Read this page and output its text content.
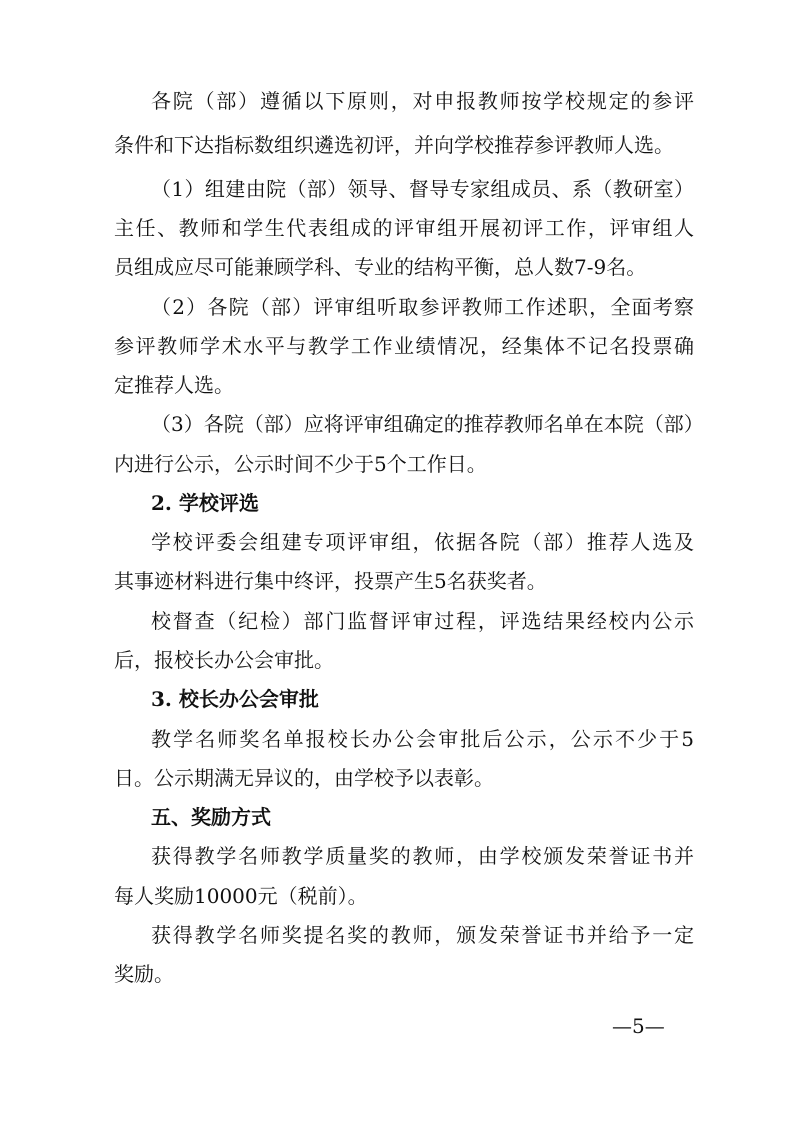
各院（部）遵循以下原则，对申报教师按学校规定的参评
条件和下达指标数组织遴选初评，并向学校推荐参评教师人选。
（1）组建由院（部）领导、督导专家组成员、系（教研室）
主任、教师和学生代表组成的评审组开展初评工作，评审组人
员组成应尽可能兼顾学科、专业的结构平衡，总人数7-9名。
（2）各院（部）评审组听取参评教师工作述职，全面考察
参评教师学术水平与教学工作业绩情况，经集体不记名投票确
定推荐人选。
（3）各院（部）应将评审组确定的推荐教师名单在本院（部）
内进行公示，公示时间不少于5个工作日。
2. 学校评选
学校评委会组建专项评审组，依据各院（部）推荐人选及
其事迹材料进行集中终评，投票产生5名获奖者。
校督查（纪检）部门监督评审过程，评选结果经校内公示
后，报校长办公会审批。
3. 校长办公会审批
教学名师奖名单报校长办公会审批后公示，公示不少于5
日。公示期满无异议的，由学校予以表彰。
五、奖励方式
获得教学名师教学质量奖的教师，由学校颁发荣誉证书并
每人奖励10000元（税前）。
获得教学名师奖提名奖的教师，颁发荣誉证书并给予一定
奖励。
—5—
